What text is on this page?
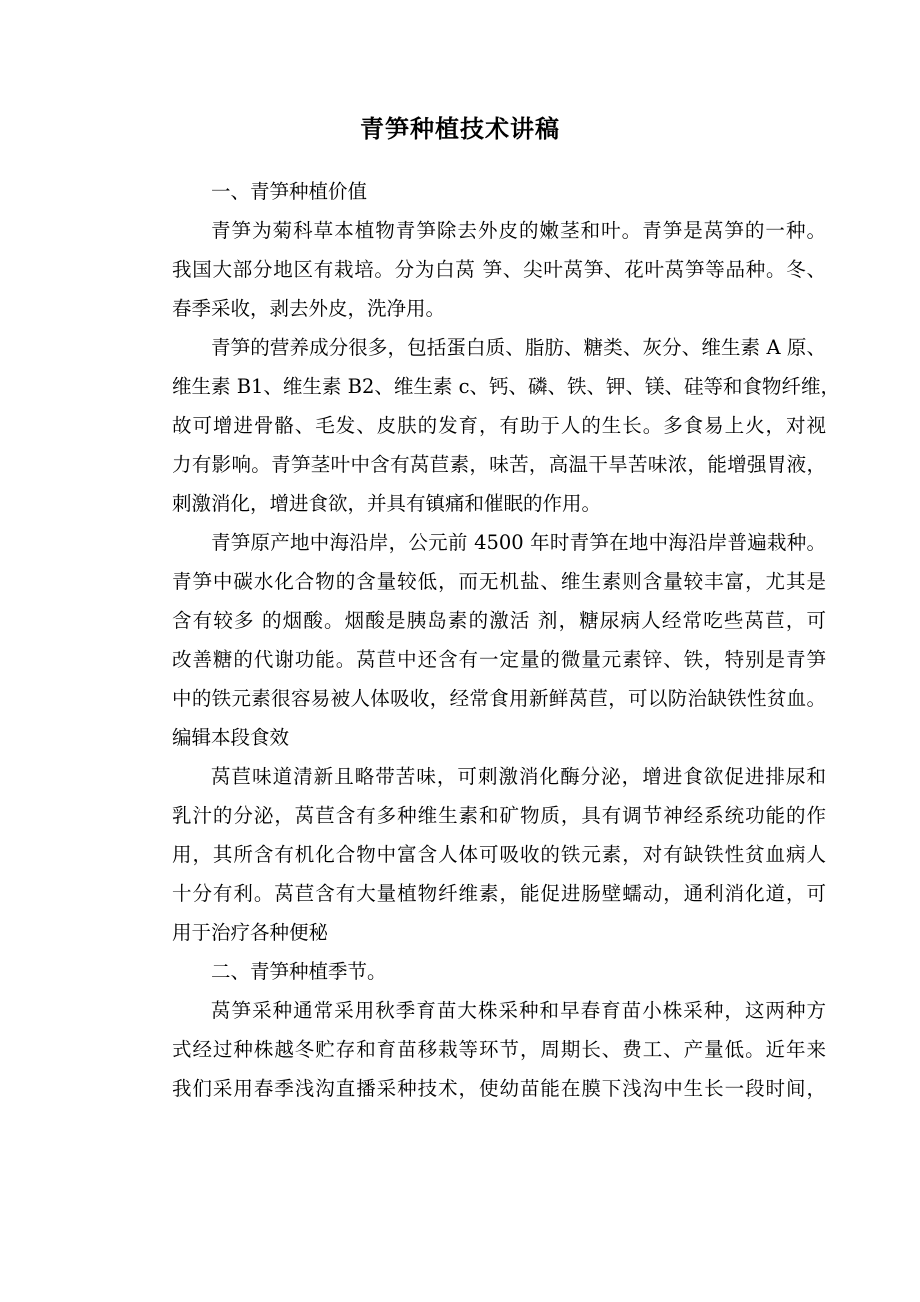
青笋种植技术讲稿
一、青笋种植价值
青笋为菊科草本植物青笋除去外皮的嫩茎和叶。青笋是莴笋的一种。
我国大部分地区有栽培。分为白莴 笋、尖叶莴笋、花叶莴笋等品种。冬、
春季采收，剥去外皮，洗净用。
青笋的营养成分很多，包括蛋白质、脂肪、糖类、灰分、维生素 A 原、
维生素 B1、维生素 B2、维生素 c、钙、磷、铁、钾、镁、硅等和食物纤维，
故可增进骨骼、毛发、皮肤的发育，有助于人的生长。多食易上火，对视
力有影响。青笋茎叶中含有莴苣素，味苦，高温干旱苦味浓，能增强胃液，
刺激消化，增进食欲，并具有镇痛和催眠的作用。
青笋原产地中海沿岸，公元前 4500 年时青笋在地中海沿岸普遍栽种。
青笋中碳水化合物的含量较低，而无机盐、维生素则含量较丰富，尤其是
含有较多 的烟酸。烟酸是胰岛素的激活 剂，糖尿病人经常吃些莴苣，可
改善糖的代谢功能。莴苣中还含有一定量的微量元素锌、铁，特别是青笋
中的铁元素很容易被人体吸收，经常食用新鲜莴苣，可以防治缺铁性贫血。
编辑本段食效
莴苣味道清新且略带苦味，可刺激消化酶分泌，增进食欲促进排尿和
乳汁的分泌，莴苣含有多种维生素和矿物质，具有调节神经系统功能的作
用，其所含有机化合物中富含人体可吸收的铁元素，对有缺铁性贫血病人
十分有利。莴苣含有大量植物纤维素，能促进肠壁蠕动，通利消化道，可
用于治疗各种便秘
二、青笋种植季节。
莴笋采种通常采用秋季育苗大株采种和早春育苗小株采种，这两种方
式经过种株越冬贮存和育苗移栽等环节，周期长、费工、产量低。近年来
我们采用春季浅沟直播采种技术，使幼苗能在膜下浅沟中生长一段时间，
